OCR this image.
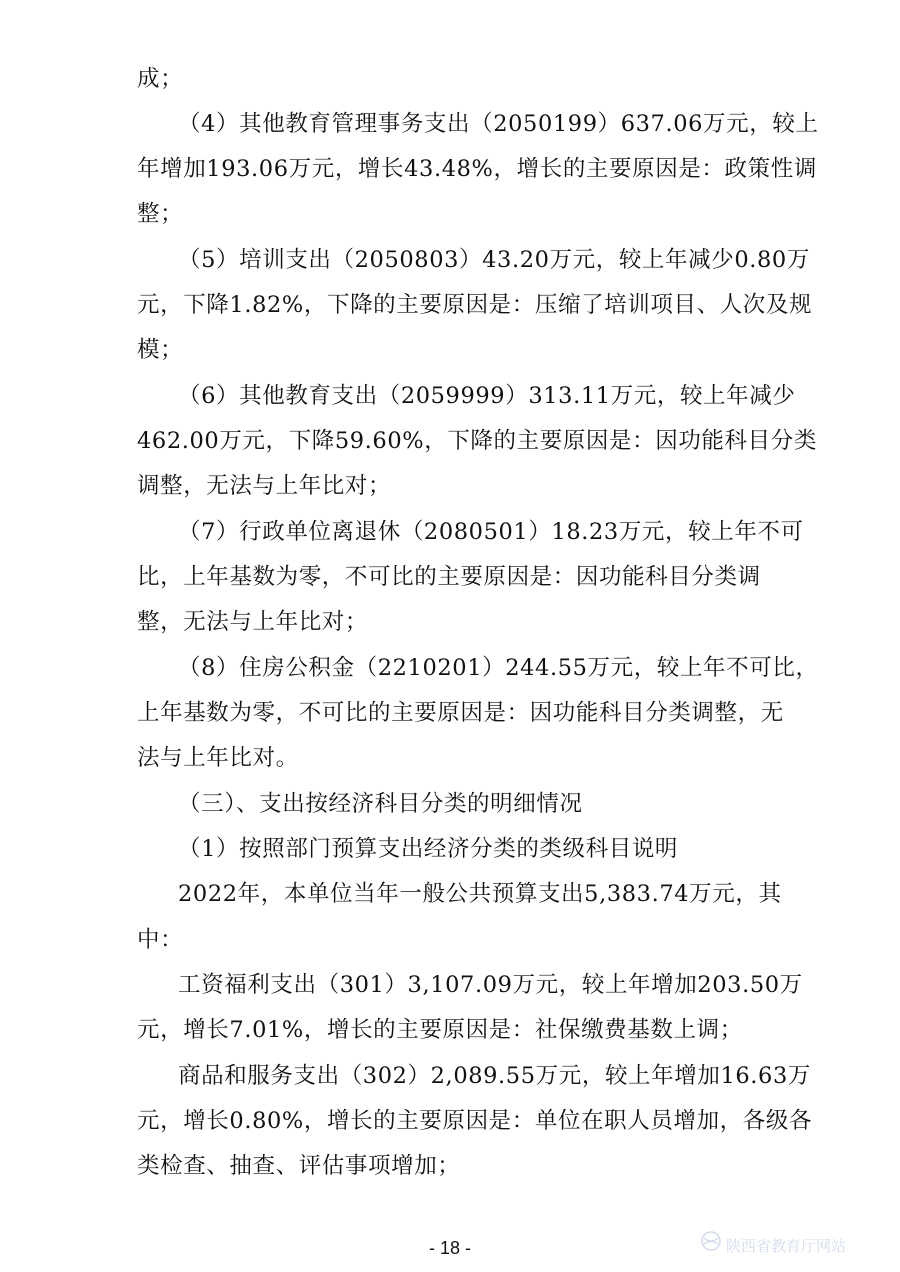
成；
（4）其他教育管理事务支出（2050199）637.06万元，较上
年增加193.06万元，增长43.48%，增长的主要原因是：政策性调
整；
（5）培训支出（2050803）43.20万元，较上年减少0.80万
元，下降1.82%，下降的主要原因是：压缩了培训项目、人次及规
模；
（6）其他教育支出（2059999）313.11万元，较上年减少
462.00万元，下降59.60%，下降的主要原因是：因功能科目分类
调整，无法与上年比对；
（7）行政单位离退休（2080501）18.23万元，较上年不可
比，上年基数为零，不可比的主要原因是：因功能科目分类调
整，无法与上年比对；
（8）住房公积金（2210201）244.55万元，较上年不可比，
上年基数为零，不可比的主要原因是：因功能科目分类调整，无
法与上年比对。
（三）、支出按经济科目分类的明细情况
（1）按照部门预算支出经济分类的类级科目说明
2022年，本单位当年一般公共预算支出5,383.74万元，其
中：
工资福利支出（301）3,107.09万元，较上年增加203.50万
元，增长7.01%，增长的主要原因是：社保缴费基数上调；
商品和服务支出（302）2,089.55万元，较上年增加16.63万
元，增长0.80%，增长的主要原因是：单位在职人员增加，各级各
类检查、抽查、评估事项增加；
- 18 -	陕西省教育厅网站
